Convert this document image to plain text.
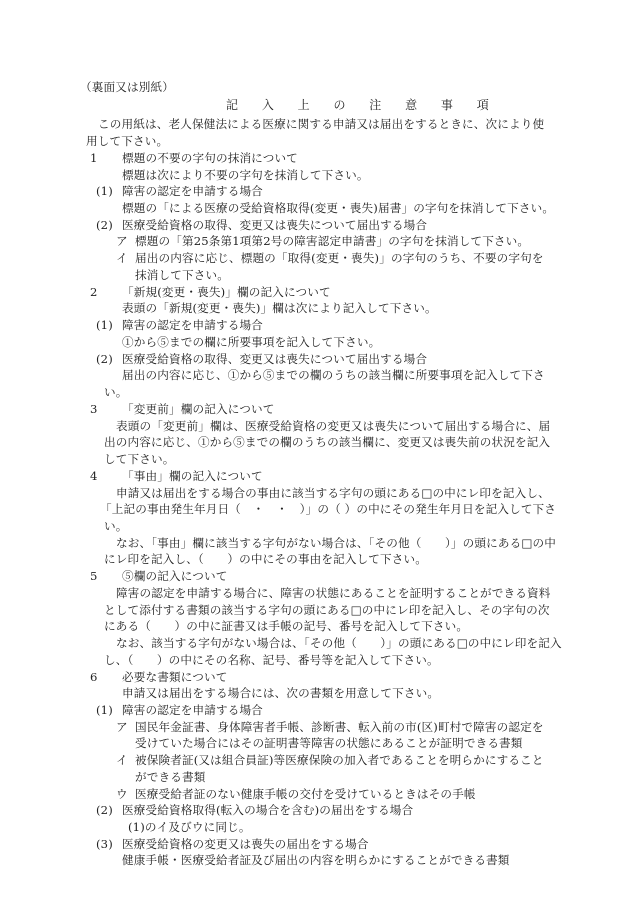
（裏面又は別紙）
記 入 上 の 注 意 事 項
この用紙は、老人保健法による医療に関する申請又は届出をするときに、次により使
用して下さい。
1 標題の不要の字句の抹消について
標題は次により不要の字句を抹消して下さい。
(1) 障害の認定を申請する場合
標題の「による医療の受給資格取得(変更・喪失)届書」の字句を抹消して下さい。
(2) 医療受給資格の取得、変更又は喪失について届出する場合
ア 標題の「第25条第1項第2号の障害認定申請書」の字句を抹消して下さい。
イ 届出の内容に応じ、標題の「取得(変更・喪失)」の字句のうち、不要の字句を
抹消して下さい。
2 「新規(変更・喪失)」欄の記入について
表頭の「新規(変更・喪失)」欄は次により記入して下さい。
(1) 障害の認定を申請する場合
①から⑤までの欄に所要事項を記入して下さい。
(2) 医療受給資格の取得、変更又は喪失について届出する場合
届出の内容に応じ、①から⑤までの欄のうちの該当欄に所要事項を記入して下さ
い。
3 「変更前」欄の記入について
表頭の「変更前」欄は、医療受給資格の変更又は喪失について届出する場合に、届
出の内容に応じ、①から⑤までの欄のうちの該当欄に、変更又は喪失前の状況を記入
して下さい。
4 「事由」欄の記入について
申請又は届出をする場合の事由に該当する字句の頭にある□の中にレ印を記入し、
「上記の事由発生年月日（　・　・　）」の（ ）の中にその発生年月日を記入して下さ
い。
なお、「事由」欄に該当する字句がない場合は、「その他（　　）」の頭にある□の中
にレ印を記入し、（　　）の中にその事由を記入して下さい。
5 ⑤欄の記入について
障害の認定を申請する場合に、障害の状態にあることを証明することができる資料
として添付する書類の該当する字句の頭にある□の中にレ印を記入し、その字句の次
にある（　　）の中に証書又は手帳の記号、番号を記入して下さい。
なお、該当する字句がない場合は、「その他（　　）」の頭にある□の中にレ印を記入
し、（　　）の中にその名称、記号、番号等を記入して下さい。
6 必要な書類について
申請又は届出をする場合には、次の書類を用意して下さい。
(1) 障害の認定を申請する場合
ア 国民年金証書、身体障害者手帳、診断書、転入前の市(区)町村で障害の認定を
受けていた場合にはその証明書等障害の状態にあることが証明できる書類
イ 被保険者証(又は組合員証)等医療保険の加入者であることを明らかにすること
ができる書類
ウ 医療受給者証のない健康手帳の交付を受けているときはその手帳
(2) 医療受給資格取得(転入の場合を含む)の届出をする場合
(1)のイ及びウに同じ。
(3) 医療受給資格の変更又は喪失の届出をする場合
健康手帳・医療受給者証及び届出の内容を明らかにすることができる書類
